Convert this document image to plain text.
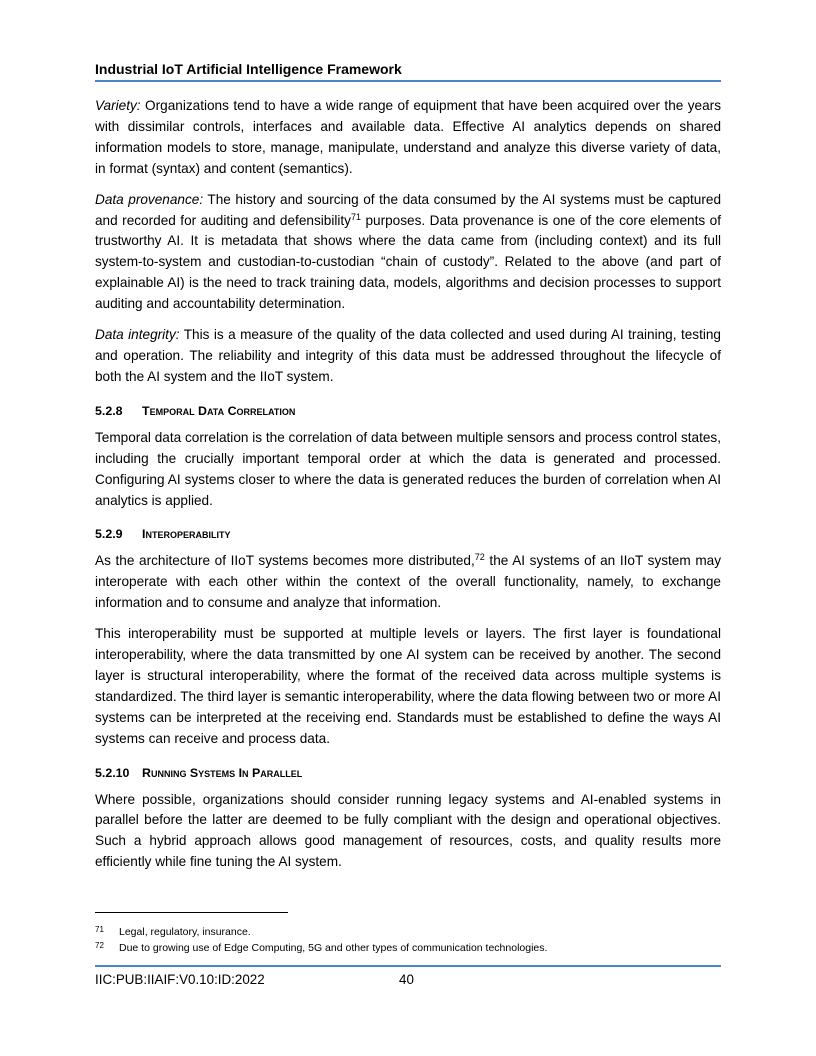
Industrial IoT Artificial Intelligence Framework

Variety: Organizations tend to have a wide range of equipment that have been acquired over the years with dissimilar controls, interfaces and available data. Effective AI analytics depends on shared information models to store, manage, manipulate, understand and analyze this diverse variety of data, in format (syntax) and content (semantics).

Data provenance: The history and sourcing of the data consumed by the AI systems must be captured and recorded for auditing and defensibility$^{71}$ purposes. Data provenance is one of the core elements of trustworthy AI. It is metadata that shows where the data came from (including context) and its full system-to-system and custodian-to-custodian “chain of custody”. Related to the above (and part of explainable AI) is the need to track training data, models, algorithms and decision processes to support auditing and accountability determination.

Data integrity: This is a measure of the quality of the data collected and used during AI training, testing and operation. The reliability and integrity of this data must be addressed throughout the lifecycle of both the AI system and the IIoT system.

5.2.8 Temporal Data Correlation

Temporal data correlation is the correlation of data between multiple sensors and process control states, including the crucially important temporal order at which the data is generated and processed. Configuring AI systems closer to where the data is generated reduces the burden of correlation when AI analytics is applied.

5.2.9 Interoperability

As the architecture of IIoT systems becomes more distributed,$^{72}$ the AI systems of an IIoT system may interoperate with each other within the context of the overall functionality, namely, to exchange information and to consume and analyze that information.

This interoperability must be supported at multiple levels or layers. The first layer is foundational interoperability, where the data transmitted by one AI system can be received by another. The second layer is structural interoperability, where the format of the received data across multiple systems is standardized. The third layer is semantic interoperability, where the data flowing between two or more AI systems can be interpreted at the receiving end. Standards must be established to define the ways AI systems can receive and process data.

5.2.10 Running Systems In Parallel

Where possible, organizations should consider running legacy systems and AI-enabled systems in parallel before the latter are deemed to be fully compliant with the design and operational objectives. Such a hybrid approach allows good management of resources, costs, and quality results more efficiently while fine tuning the AI system.

71	Legal, regulatory, insurance.
72	Due to growing use of Edge Computing, 5G and other types of communication technologies.
IIC:PUB:IIAIF:V0.10:ID:2022	40
